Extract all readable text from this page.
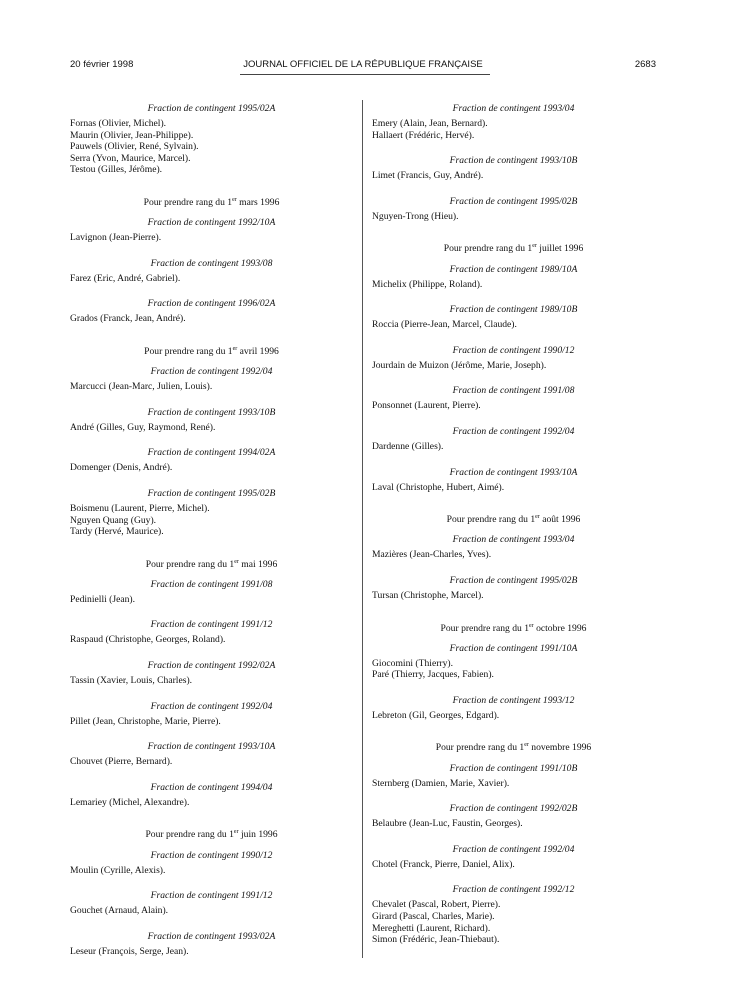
20 février 1998	JOURNAL OFFICIEL DE LA RÉPUBLIQUE FRANÇAISE	2683
Fraction de contingent 1995/02A
Fornas (Olivier, Michel).
Maurin (Olivier, Jean-Philippe).
Pauwels (Olivier, René, Sylvain).
Serra (Yvon, Maurice, Marcel).
Testou (Gilles, Jérôme).
Pour prendre rang du 1er mars 1996
Fraction de contingent 1992/10A
Lavignon (Jean-Pierre).
Fraction de contingent 1993/08
Farez (Eric, André, Gabriel).
Fraction de contingent 1996/02A
Grados (Franck, Jean, André).
Pour prendre rang du 1er avril 1996
Fraction de contingent 1992/04
Marcucci (Jean-Marc, Julien, Louis).
Fraction de contingent 1993/10B
André (Gilles, Guy, Raymond, René).
Fraction de contingent 1994/02A
Domenger (Denis, André).
Fraction de contingent 1995/02B
Boismenu (Laurent, Pierre, Michel).
Nguyen Quang (Guy).
Tardy (Hervé, Maurice).
Pour prendre rang du 1er mai 1996
Fraction de contingent 1991/08
Pedinielli (Jean).
Fraction de contingent 1991/12
Raspaud (Christophe, Georges, Roland).
Fraction de contingent 1992/02A
Tassin (Xavier, Louis, Charles).
Fraction de contingent 1992/04
Pillet (Jean, Christophe, Marie, Pierre).
Fraction de contingent 1993/10A
Chouvet (Pierre, Bernard).
Fraction de contingent 1994/04
Lemariey (Michel, Alexandre).
Pour prendre rang du 1er juin 1996
Fraction de contingent 1990/12
Moulin (Cyrille, Alexis).
Fraction de contingent 1991/12
Gouchet (Arnaud, Alain).
Fraction de contingent 1993/02A
Leseur (François, Serge, Jean).
Fraction de contingent 1993/04
Emery (Alain, Jean, Bernard).
Hallaert (Frédéric, Hervé).
Fraction de contingent 1993/10B
Limet (Francis, Guy, André).
Fraction de contingent 1995/02B
Nguyen-Trong (Hieu).
Pour prendre rang du 1er juillet 1996
Fraction de contingent 1989/10A
Michelix (Philippe, Roland).
Fraction de contingent 1989/10B
Roccia (Pierre-Jean, Marcel, Claude).
Fraction de contingent 1990/12
Jourdain de Muizon (Jérôme, Marie, Joseph).
Fraction de contingent 1991/08
Ponsonnet (Laurent, Pierre).
Fraction de contingent 1992/04
Dardenne (Gilles).
Fraction de contingent 1993/10A
Laval (Christophe, Hubert, Aimé).
Pour prendre rang du 1er août 1996
Fraction de contingent 1993/04
Mazières (Jean-Charles, Yves).
Fraction de contingent 1995/02B
Tursan (Christophe, Marcel).
Pour prendre rang du 1er octobre 1996
Fraction de contingent 1991/10A
Giocomini (Thierry).
Paré (Thierry, Jacques, Fabien).
Fraction de contingent 1993/12
Lebreton (Gil, Georges, Edgard).
Pour prendre rang du 1er novembre 1996
Fraction de contingent 1991/10B
Sternberg (Damien, Marie, Xavier).
Fraction de contingent 1992/02B
Belaubre (Jean-Luc, Faustin, Georges).
Fraction de contingent 1992/04
Chotel (Franck, Pierre, Daniel, Alix).
Fraction de contingent 1992/12
Chevalet (Pascal, Robert, Pierre).
Girard (Pascal, Charles, Marie).
Mereghetti (Laurent, Richard).
Simon (Frédéric, Jean-Thiebaut).
